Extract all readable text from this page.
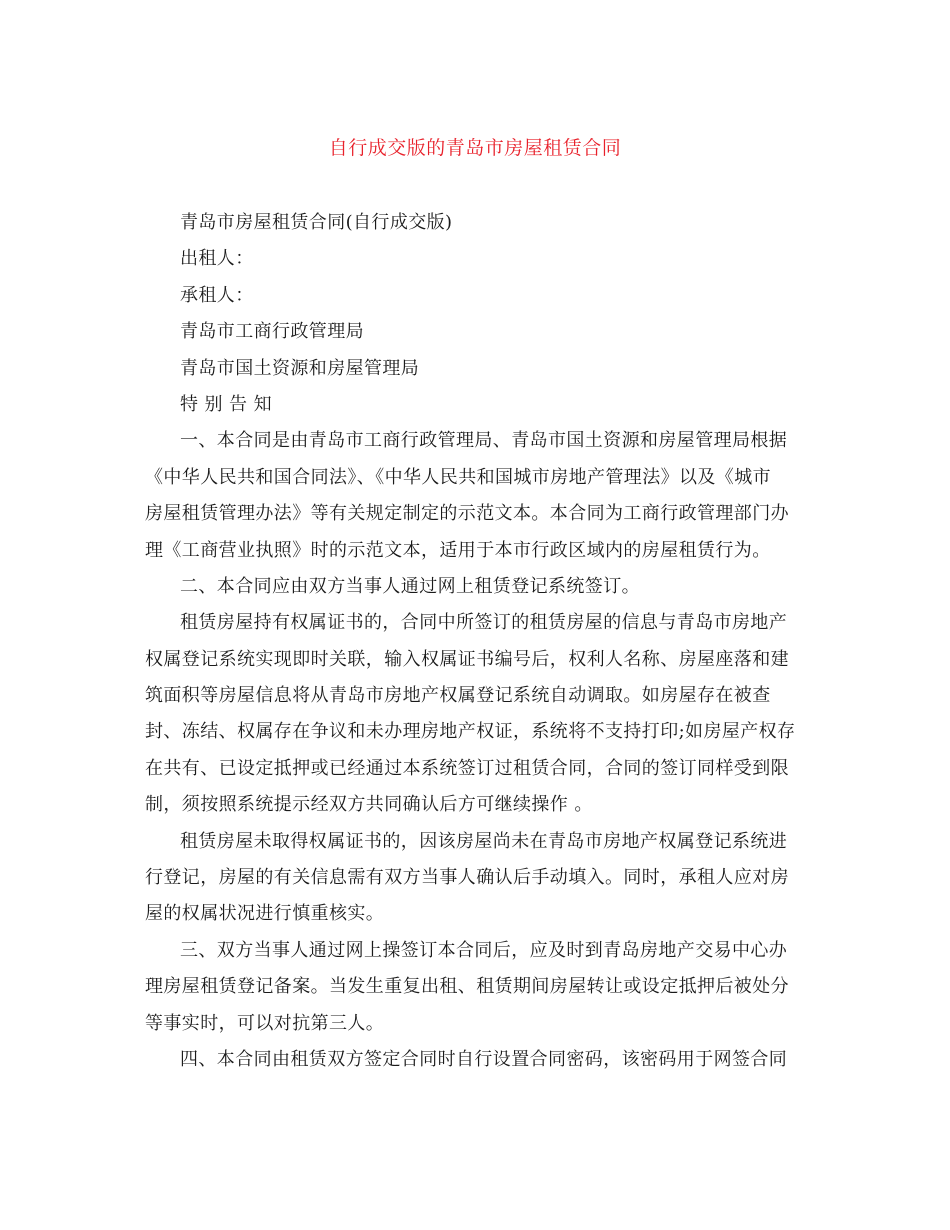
自行成交版的青岛市房屋租赁合同
青岛市房屋租赁合同(自行成交版)
出租人：
承租人：
青岛市工商行政管理局
青岛市国土资源和房屋管理局
特 别 告 知
一、本合同是由青岛市工商行政管理局、青岛市国土资源和房屋管理局根据
《中华人民共和国合同法》、《中华人民共和国城市房地产管理法》以及《城市
房屋租赁管理办法》等有关规定制定的示范文本。本合同为工商行政管理部门办
理《工商营业执照》时的示范文本，适用于本市行政区域内的房屋租赁行为。
二、本合同应由双方当事人通过网上租赁登记系统签订。
租赁房屋持有权属证书的，合同中所签订的租赁房屋的信息与青岛市房地产
权属登记系统实现即时关联，输入权属证书编号后，权利人名称、房屋座落和建
筑面积等房屋信息将从青岛市房地产权属登记系统自动调取。如房屋存在被查
封、冻结、权属存在争议和未办理房地产权证，系统将不支持打印;如房屋产权存
在共有、已设定抵押或已经通过本系统签订过租赁合同，合同的签订同样受到限
制，须按照系统提示经双方共同确认后方可继续操作 。
租赁房屋未取得权属证书的，因该房屋尚未在青岛市房地产权属登记系统进
行登记，房屋的有关信息需有双方当事人确认后手动填入。同时，承租人应对房
屋的权属状况进行慎重核实。
三、双方当事人通过网上操签订本合同后，应及时到青岛房地产交易中心办
理房屋租赁登记备案。当发生重复出租、租赁期间房屋转让或设定抵押后被处分
等事实时，可以对抗第三人。
四、本合同由租赁双方签定合同时自行设置合同密码，该密码用于网签合同
